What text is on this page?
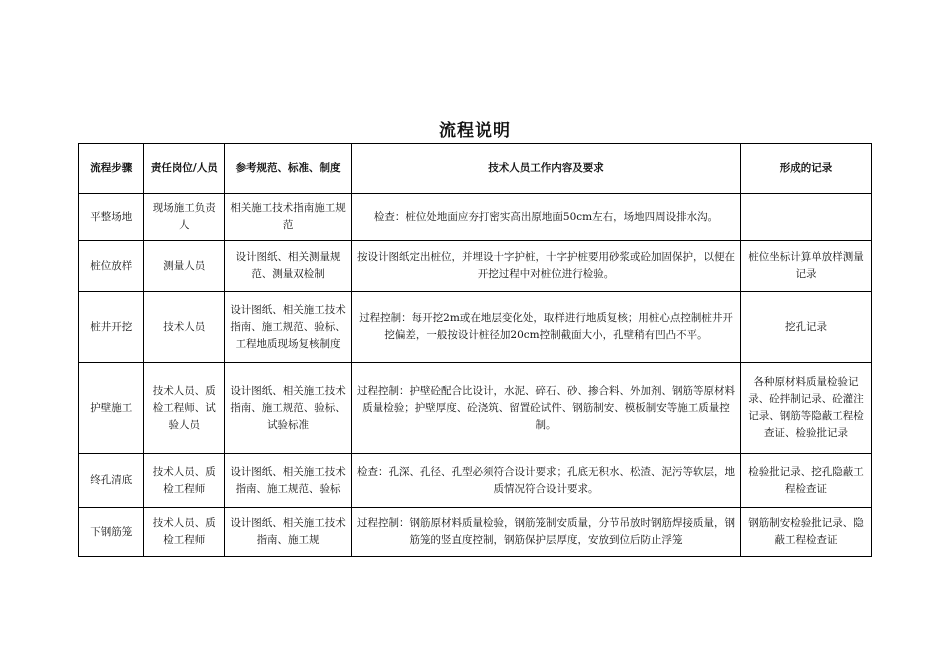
流程说明
流程步骤	责任岗位/人员	参考规范、标准、制度	技术人员工作内容及要求	形成的记录
平整场地	现场施工负责人	相关施工技术指南施工规范	检查：桩位处地面应夯打密实高出原地面50cm左右，场地四周设排水沟。	
桩位放样	测量人员	设计图纸、相关测量规范、测量双检制	按设计图纸定出桩位，并埋设十字护桩，十字护桩要用砂浆或砼加固保护，以便在开挖过程中对桩位进行检验。	桩位坐标计算单放样测量记录
桩井开挖	技术人员	设计图纸、相关施工技术指南、施工规范、验标、工程地质现场复核制度	过程控制：每开挖2m或在地层变化处，取样进行地质复核；用桩心点控制桩井开挖偏差，一般按设计桩径加20cm控制截面大小，孔壁稍有凹凸不平。	挖孔记录
护壁施工	技术人员、质检工程师、试验人员	设计图纸、相关施工技术指南、施工规范、验标、试验标准	过程控制：护壁砼配合比设计，水泥、碎石、砂、掺合料、外加剂、钢筋等原材料质量检验；护壁厚度、砼浇筑、留置砼试件、钢筋制安、模板制安等施工质量控制。	各种原材料质量检验记录、砼拌制记录、砼灌注记录、钢筋等隐蔽工程检查证、检验批记录
终孔清底	技术人员、质检工程师	设计图纸、相关施工技术指南、施工规范、验标	检查：孔深、孔径、孔型必须符合设计要求；孔底无积水、松渣、泥污等软层，地质情况符合设计要求。	检验批记录、挖孔隐蔽工程检查证
下钢筋笼	技术人员、质检工程师	设计图纸、相关施工技术指南、施工规	过程控制：钢筋原材料质量检验，钢筋笼制安质量，分节吊放时钢筋焊接质量，钢筋笼的竖直度控制，钢筋保护层厚度，安放到位后防止浮笼	钢筋制安检验批记录、隐蔽工程检查证
